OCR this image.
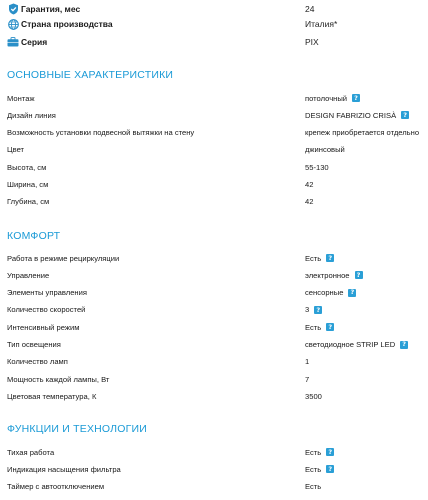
Гарантия, мес	24
Страна производства	Италия*
Серия	PIX
ОСНОВНЫЕ ХАРАКТЕРИСТИКИ
Монтаж	потолочный	?
Дизайн линия	DESIGN FABRIZIO CRISÀ	?
Возможность установки подвесной вытяжки на стену	крепеж приобретается отдельно
Цвет	джинсовый
Высота, см	55-130
Ширина, см	42
Глубина, см	42
КОМФОРТ
Работа в режиме рециркуляции	Есть	?
Управление	электронное	?
Элементы управления	сенсорные	?
Количество скоростей	3	?
Интенсивный режим	Есть	?
Тип освещения	светодиодное STRIP LED	?
Количество ламп	1
Мощность каждой лампы, Вт	7
Цветовая температура, К	3500
ФУНКЦИИ И ТЕХНОЛОГИИ
Тихая работа	Есть	?
Индикация насыщения фильтра	Есть	?
Таймер с автоотключением	Есть
